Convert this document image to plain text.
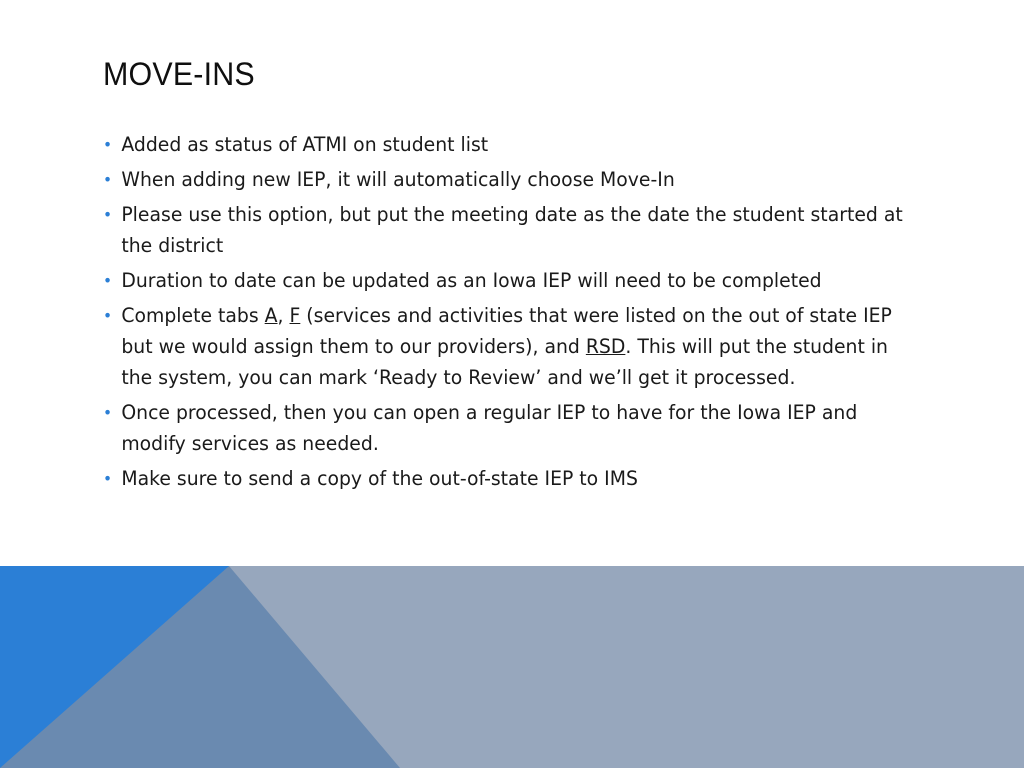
MOVE-INS
• Added as status of ATMI on student list
• When adding new IEP, it will automatically choose Move-In
• Please use this option, but put the meeting date as the date the student started at the district
• Duration to date can be updated as an Iowa IEP will need to be completed
• Complete tabs A, F (services and activities that were listed on the out of state IEP but we would assign them to our providers), and RSD. This will put the student in the system, you can mark ‘Ready to Review’ and we’ll get it processed.
• Once processed, then you can open a regular IEP to have for the Iowa IEP and modify services as needed.
• Make sure to send a copy of the out-of-state IEP to IMS
